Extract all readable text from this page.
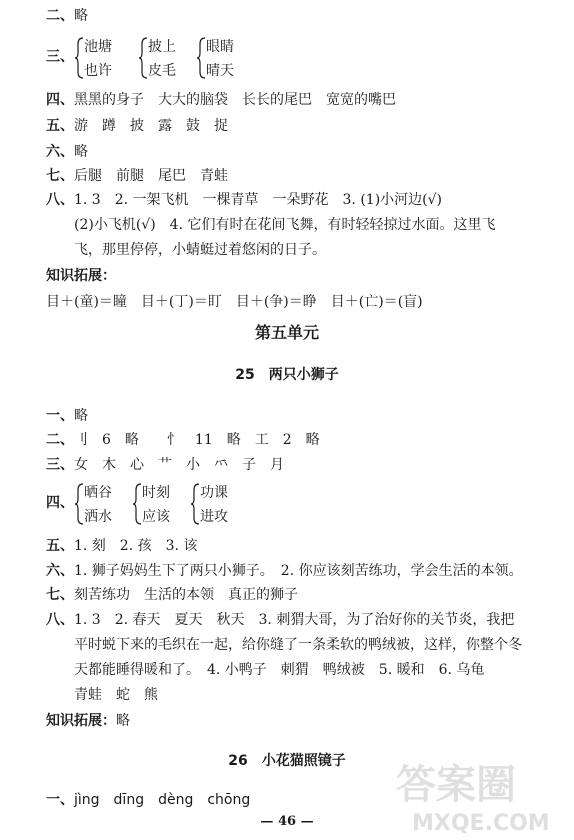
二、略
三、
池塘
也许
披上
皮毛
眼睛
晴天
四、黑黑的身子 大大的脑袋 长长的尾巴 宽宽的嘴巴
五、游 蹲 披 露 鼓 捉
六、略
七、后腿 前腿 尾巴 青蛙
八、1. 3　2. 一架飞机　一棵青草　一朵野花　3. (1)小河边(√)
(2)小飞机(√)　4. 它们有时在花间飞舞，有时轻轻掠过水面。这里飞
飞，那里停停，小蜻蜓过着悠闲的日子。
知识拓展：
目＋(童)＝瞳　目＋(丁)＝盯　目＋(争)＝睁　目＋(亡)＝(盲)
第五单元
25　两只小狮子
一、略
二、刂　6　略　　忄　11　略　⼯　2　略
三、女 木 心 艹 小 ⺤ 子 月
四、
晒谷
洒水
时刻
应该
功课
进攻
五、1. 刻　2. 孩　3. 该
六、1. 狮子妈妈生下了两只小狮子。　2. 你应该刻苦练功，学会生活的本领。
七、刻苦练功 生活的本领 真正的狮子
八、1. 3　2. 春天　夏天　秋天　3. 刺猬大哥，为了治好你的关节炎，我把
平时蜕下来的毛织在一起，给你缝了一条柔软的鸭绒被，这样，你整个冬
天都能睡得暖和了。　4. 小鸭子　刺猬　鸭绒被　5. 暖和　6. 乌龟
青蛙　蛇　熊
知识拓展：略
26　小花猫照镜子
一、jìng dīng dèng chōng
— 46 —
答案圈
MXQE.COM
